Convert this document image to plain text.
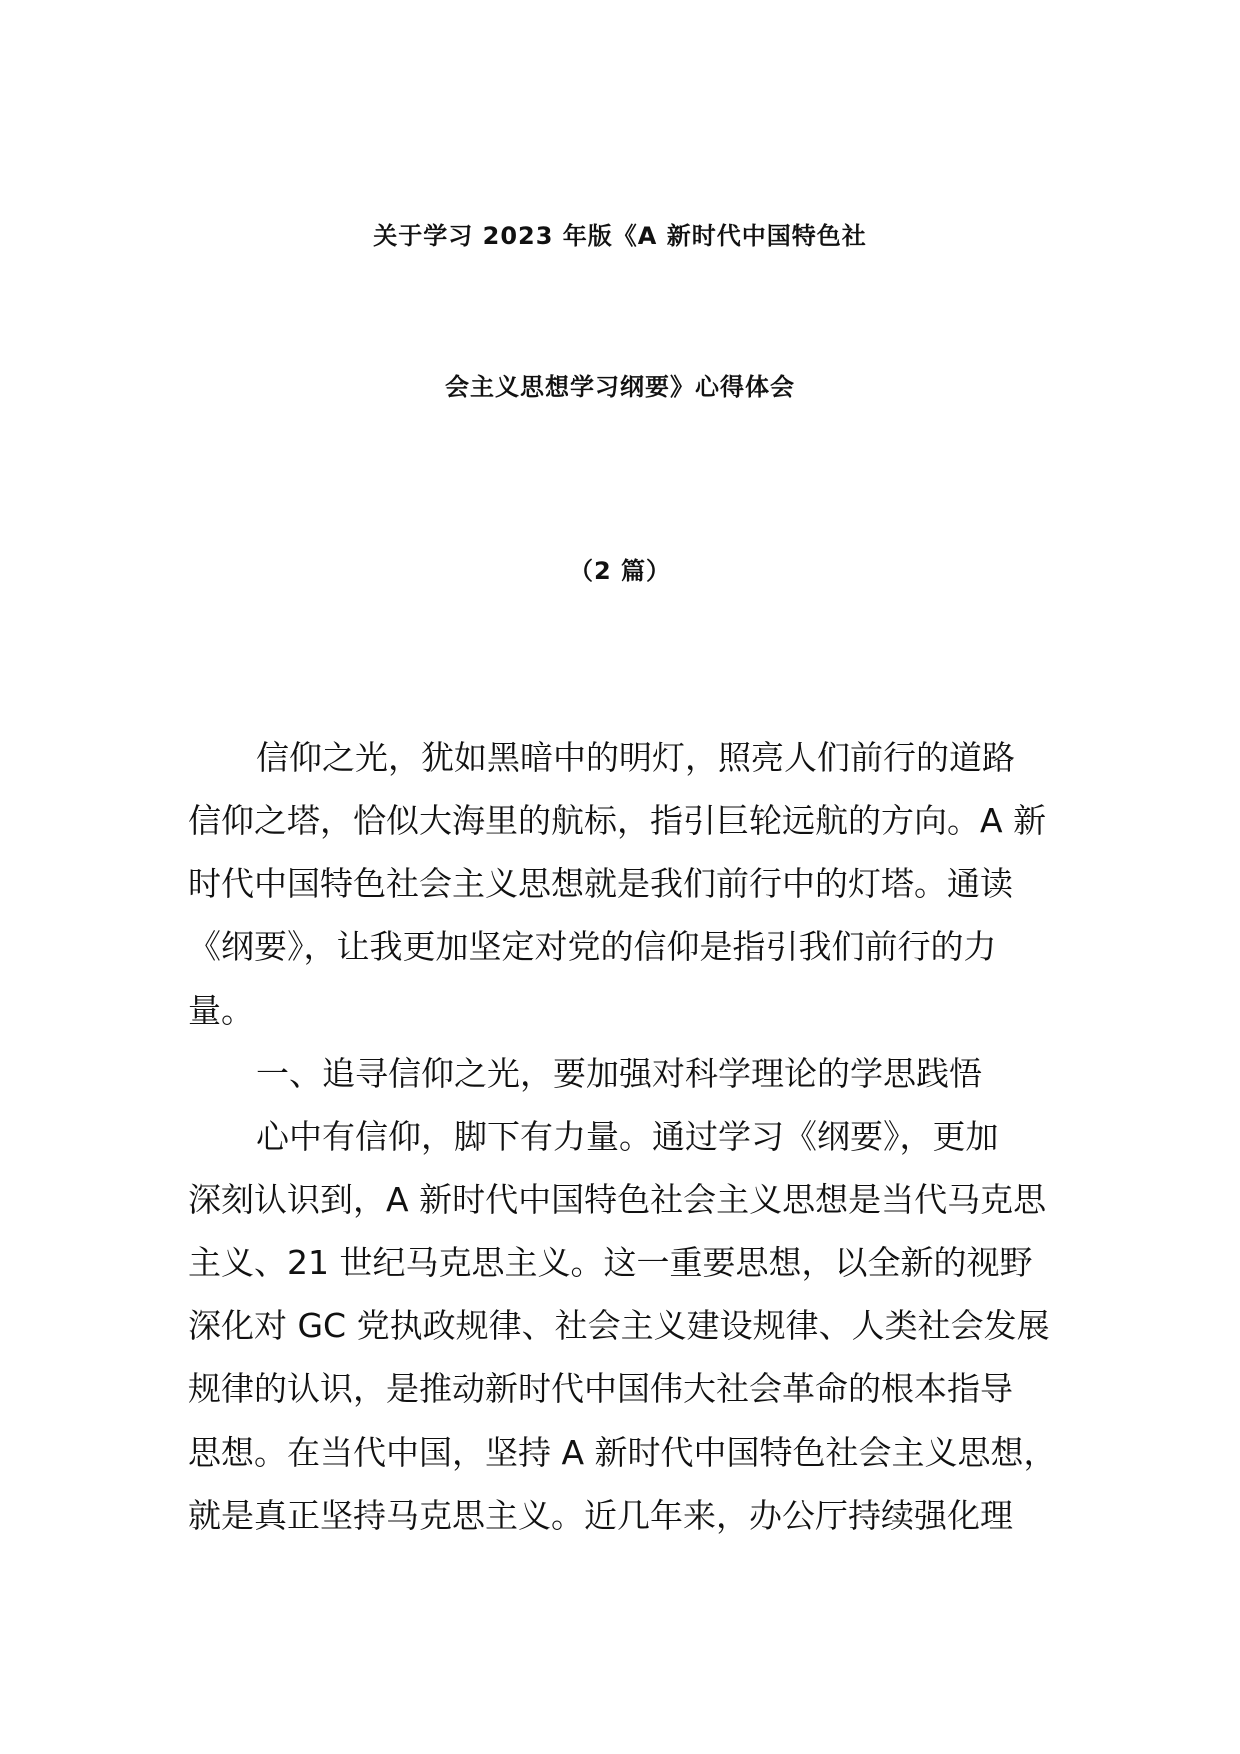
关于学习 2023 年版《A 新时代中国特色社
会主义思想学习纲要》心得体会
（2 篇）
信仰之光，犹如黑暗中的明灯，照亮人们前行的道路
信仰之塔，恰似大海里的航标，指引巨轮远航的方向。A 新
时代中国特色社会主义思想就是我们前行中的灯塔。通读
《纲要》，让我更加坚定对党的信仰是指引我们前行的力
量。
一、追寻信仰之光，要加强对科学理论的学思践悟
心中有信仰，脚下有力量。通过学习《纲要》，更加
深刻认识到，A 新时代中国特色社会主义思想是当代马克思
主义、21 世纪马克思主义。这一重要思想，以全新的视野
深化对 GC 党执政规律、社会主义建设规律、人类社会发展
规律的认识，是推动新时代中国伟大社会革命的根本指导
思想。在当代中国，坚持 A 新时代中国特色社会主义思想，
就是真正坚持马克思主义。近几年来，办公厅持续强化理
